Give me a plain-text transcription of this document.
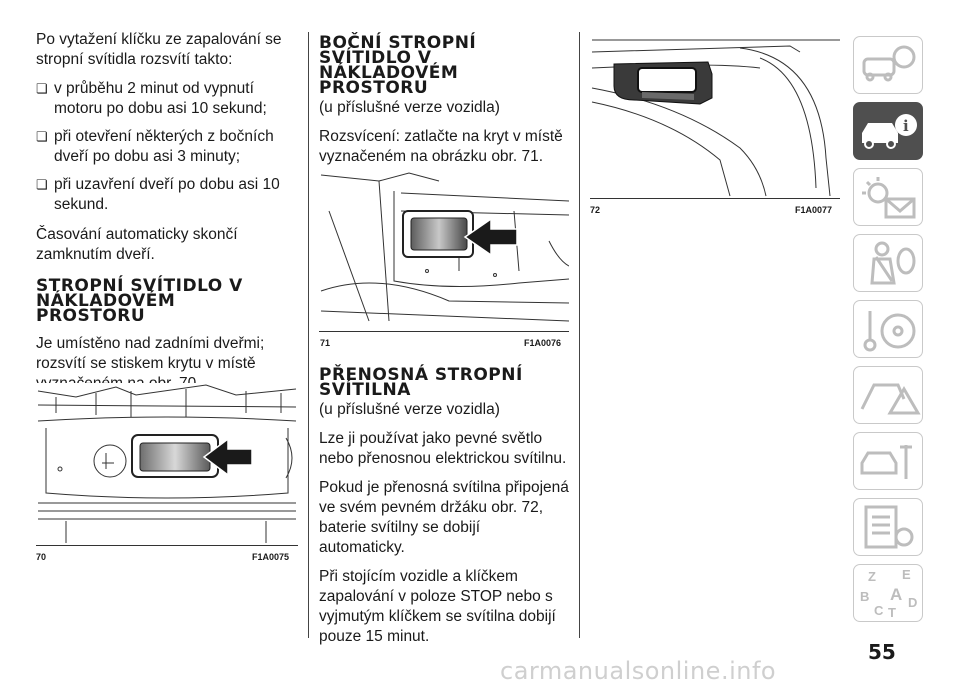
Po vytažení klíčku ze zapalování se stropní svítidla rozsvítí takto:

❏ v průběhu 2 minut od vypnutí motoru po dobu asi 10 sekund;
❏ při otevření některých z bočních dveří po dobu asi 3 minuty;
❏ při uzavření dveří po dobu asi 10 sekund.

Časování automaticky skončí zamknutím dveří.

STROPNÍ SVÍTIDLO V
NÁKLADOVÉM
PROSTORU

Je umístěno nad zadními dveřmi; rozsvítí se stiskem krytu v místě

70	F1A0075
BOČNÍ STROPNÍ
SVÍTIDLO V
NÁKLADOVÉM
PROSTORU
(u příslušné verze vozidla)

Rozsvícení: zatlačte na kryt v místě vyznačeném na obrázku obr. 71.

71	F1A0076
PŘENOSNÁ STROPNÍ
SVÍTILNA
(u příslušné verze vozidla)

Lze ji používat jako pevné světlo nebo přenosnou elektrickou svítilnu.

Pokud je přenosná svítilna připojená ve svém pevném držáku obr. 72, baterie svítilny se dobijí automaticky.

Při stojícím vozidle a klíčkem zapalování v poloze STOP nebo s vyjmutým klíčkem se svítilna dobijí pouze 15 minut.

72	F1A0077
i
Z E
A
B	D
C T
55
carmanualsonline.info
